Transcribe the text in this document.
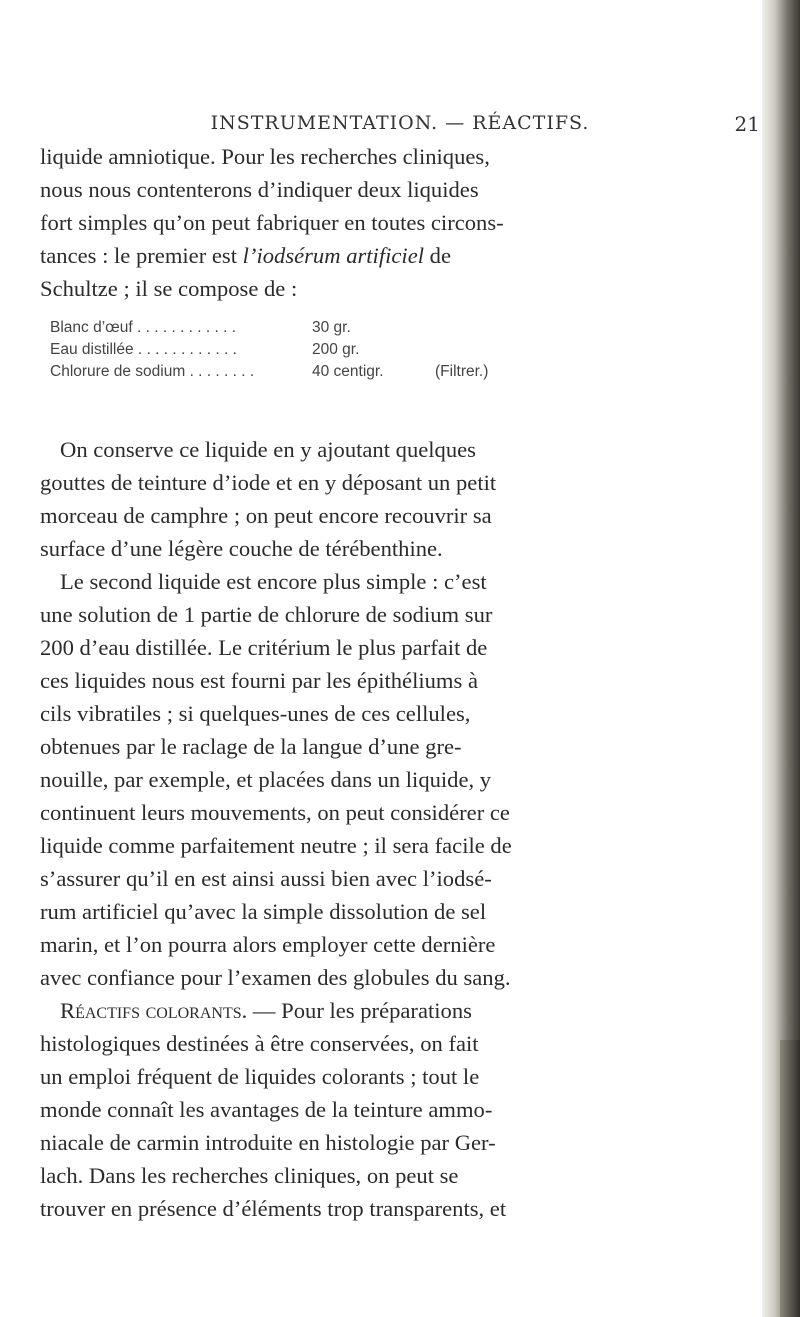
INSTRUMENTATION. — RÉACTIFS.	21
liquide amniotique. Pour les recherches cliniques,
nous nous contenterons d’indiquer deux liquides
fort simples qu’on peut fabriquer en toutes circons-
tances : le premier est l’iodsérum artificiel de
Schultze ; il se compose de :
Blanc d’œuf . . . . . . . . . . . .	30 gr.
Eau distillée . . . . . . . . . . . .	200 gr.
Chlorure de sodium . . . . . . . .	40 centigr.	(Filtrer.)
On conserve ce liquide en y ajoutant quelques
gouttes de teinture d’iode et en y déposant un petit
morceau de camphre ; on peut encore recouvrir sa
surface d’une légère couche de térébenthine.
Le second liquide est encore plus simple : c’est
une solution de 1 partie de chlorure de sodium sur
200 d’eau distillée. Le critérium le plus parfait de
ces liquides nous est fourni par les épithéliums à
cils vibratiles ; si quelques-unes de ces cellules,
obtenues par le raclage de la langue d’une gre-
nouille, par exemple, et placées dans un liquide, y
continuent leurs mouvements, on peut considérer ce
liquide comme parfaitement neutre ; il sera facile de
s’assurer qu’il en est ainsi aussi bien avec l’iodsé-
rum artificiel qu’avec la simple dissolution de sel
marin, et l’on pourra alors employer cette dernière
avec confiance pour l’examen des globules du sang.
Réactifs colorants. — Pour les préparations
histologiques destinées à être conservées, on fait
un emploi fréquent de liquides colorants ; tout le
monde connaît les avantages de la teinture ammo-
niacale de carmin introduite en histologie par Ger-
lach. Dans les recherches cliniques, on peut se
trouver en présence d’éléments trop transparents, et
